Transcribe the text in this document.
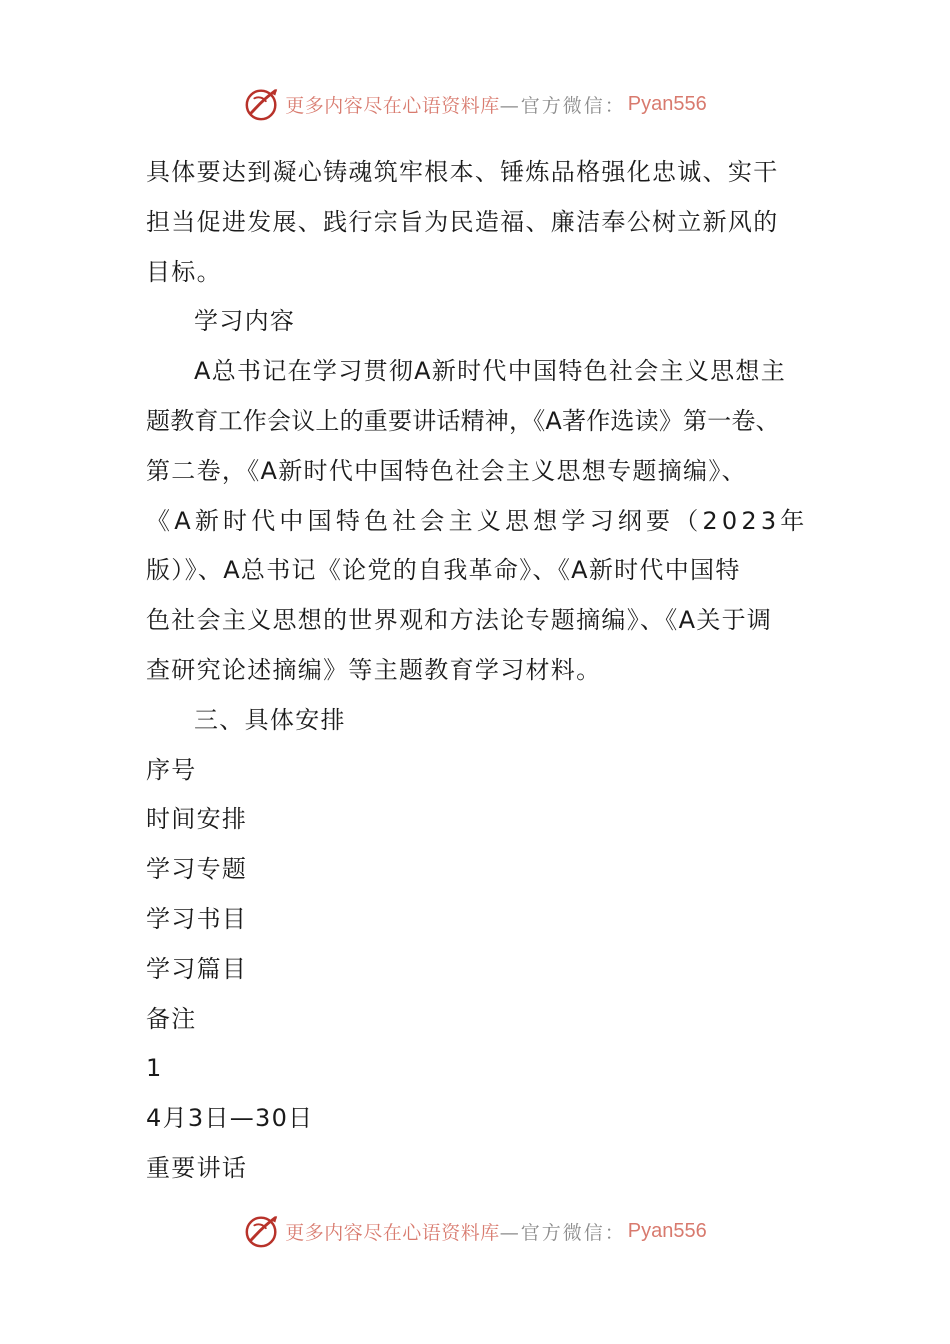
更多内容尽在心语资料库 —官方微信： Pyan556
具体要达到凝心铸魂筑牢根本、锤炼品格强化忠诚、实干
担当促进发展、践行宗旨为民造福、廉洁奉公树立新风的
目标。
学习内容
A总书记在学习贯彻A新时代中国特色社会主义思想主
题教育工作会议上的重要讲话精神，《A著作选读》第一卷、
第二卷，《A新时代中国特色社会主义思想专题摘编》、
《A新时代中国特色社会主义思想学习纲要（2023年
版）》、A总书记《论党的自我革命》、《A新时代中国特
色社会主义思想的世界观和方法论专题摘编》、《A关于调
查研究论述摘编》等主题教育学习材料。
三、具体安排
序号
时间安排
学习专题
学习书目
学习篇目
备注
1
4月3日—30日
重要讲话
更多内容尽在心语资料库 —官方微信： Pyan556
